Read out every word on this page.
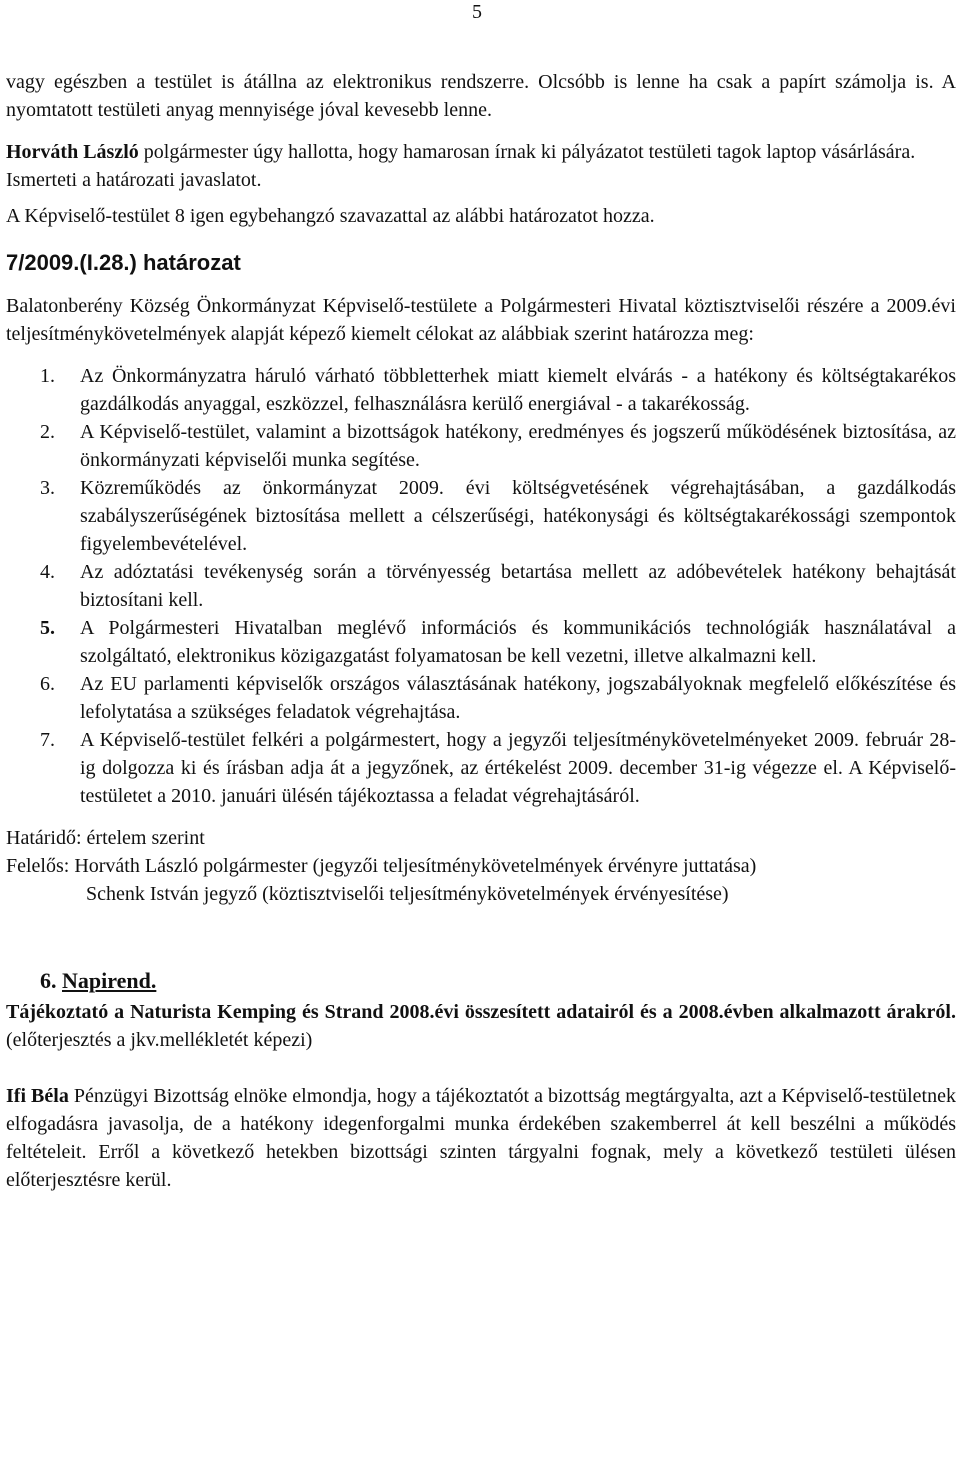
5

vagy egészben a testület is átállna az elektronikus rendszerre. Olcsóbb is lenne ha csak a papírt számolja is. A nyomtatott testületi anyag mennyisége jóval kevesebb lenne.

Horváth László polgármester úgy hallotta, hogy hamarosan írnak ki pályázatot testületi tagok laptop vásárlására.

Ismerteti a határozati javaslatot.

A Képviselő-testület 8 igen egybehangzó szavazattal az alábbi határozatot hozza.

7/2009.(I.28.) határozat

Balatonberény Község Önkormányzat Képviselő-testülete a Polgármesteri Hivatal köztisztviselői részére a 2009.évi teljesítménykövetelmények alapját képező kiemelt célokat az alábbiak szerint határozza meg:

1. Az Önkormányzatra háruló várható többletterhek miatt kiemelt elvárás - a hatékony és költségtakarékos gazdálkodás anyaggal, eszközzel, felhasználásra kerülő energiával - a takarékosság.
2. A Képviselő-testület, valamint a bizottságok hatékony, eredményes és jogszerű működésének biztosítása, az önkormányzati képviselői munka segítése.
3. Közreműködés az önkormányzat 2009. évi költségvetésének végrehajtásában, a gazdálkodás szabályszerűségének biztosítása mellett a célszerűségi, hatékonysági és költségtakarékossági szempontok figyelembevételével.
4. Az adóztatási tevékenység során a törvényesség betartása mellett az adóbevételek hatékony behajtását biztosítani kell.
5. A Polgármesteri Hivatalban meglévő információs és kommunikációs technológiák használatával a szolgáltató, elektronikus közigazgatást folyamatosan be kell vezetni, illetve alkalmazni kell.
6. Az EU parlamenti képviselők országos választásának hatékony, jogszabályoknak megfelelő előkészítése és lefolytatása a szükséges feladatok végrehajtása.
7. A Képviselő-testület felkéri a polgármestert, hogy a jegyzői teljesítménykövetelményeket 2009. február 28-ig dolgozza ki és írásban adja át a jegyzőnek, az értékelést 2009. december 31-ig végezze el. A Képviselő-testületet a 2010. januári ülésén tájékoztassa a feladat végrehajtásáról.

Határidő: értelem szerint

Felelős: Horváth László polgármester (jegyzői teljesítménykövetelmények érvényre juttatása)

Schenk István jegyző (köztisztviselői teljesítménykövetelmények érvényesítése)

6. Napirend.

Tájékoztató a Naturista Kemping és Strand 2008.évi összesített adatairól és a 2008.évben alkalmazott árakról. (előterjesztés a jkv.mellékletét képezi)

Ifi Béla Pénzügyi Bizottság elnöke elmondja, hogy a tájékoztatót a bizottság megtárgyalta, azt a Képviselő-testületnek elfogadásra javasolja, de a hatékony idegenforgalmi munka érdekében szakemberrel át kell beszélni a működés feltételeit. Erről a következő hetekben bizottsági szinten tárgyalni fognak, mely a következő testületi ülésen előterjesztésre kerül.
